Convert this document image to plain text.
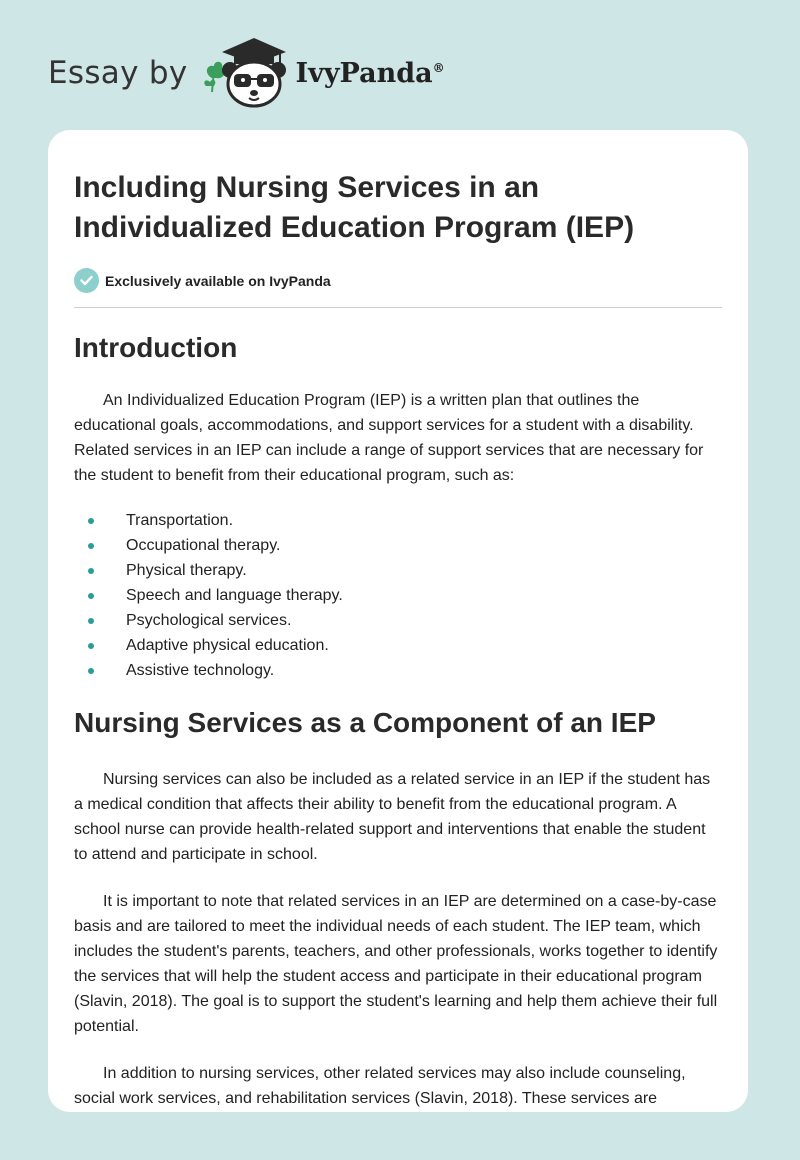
Essay by	IvyPanda®
Including Nursing Services in an Individualized Education Program (IEP)
Exclusively available on IvyPanda
Introduction

An Individualized Education Program (IEP) is a written plan that outlines the educational goals, accommodations, and support services for a student with a disability. Related services in an IEP can include a range of support services that are necessary for the student to benefit from their educational program, such as:

Transportation.
Occupational therapy.
Physical therapy.
Speech and language therapy.
Psychological services.
Adaptive physical education.
Assistive technology.
Nursing Services as a Component of an IEP

Nursing services can also be included as a related service in an IEP if the student has a medical condition that affects their ability to benefit from the educational program. A school nurse can provide health-related support and interventions that enable the student to attend and participate in school.

It is important to note that related services in an IEP are determined on a case-by-case basis and are tailored to meet the individual needs of each student. The IEP team, which includes the student's parents, teachers, and other professionals, works together to identify the services that will help the student access and participate in their educational program (Slavin, 2018). The goal is to support the student's learning and help them achieve their full potential.

In addition to nursing services, other related services may also include counseling, social work services, and rehabilitation services (Slavin, 2018). These services are
